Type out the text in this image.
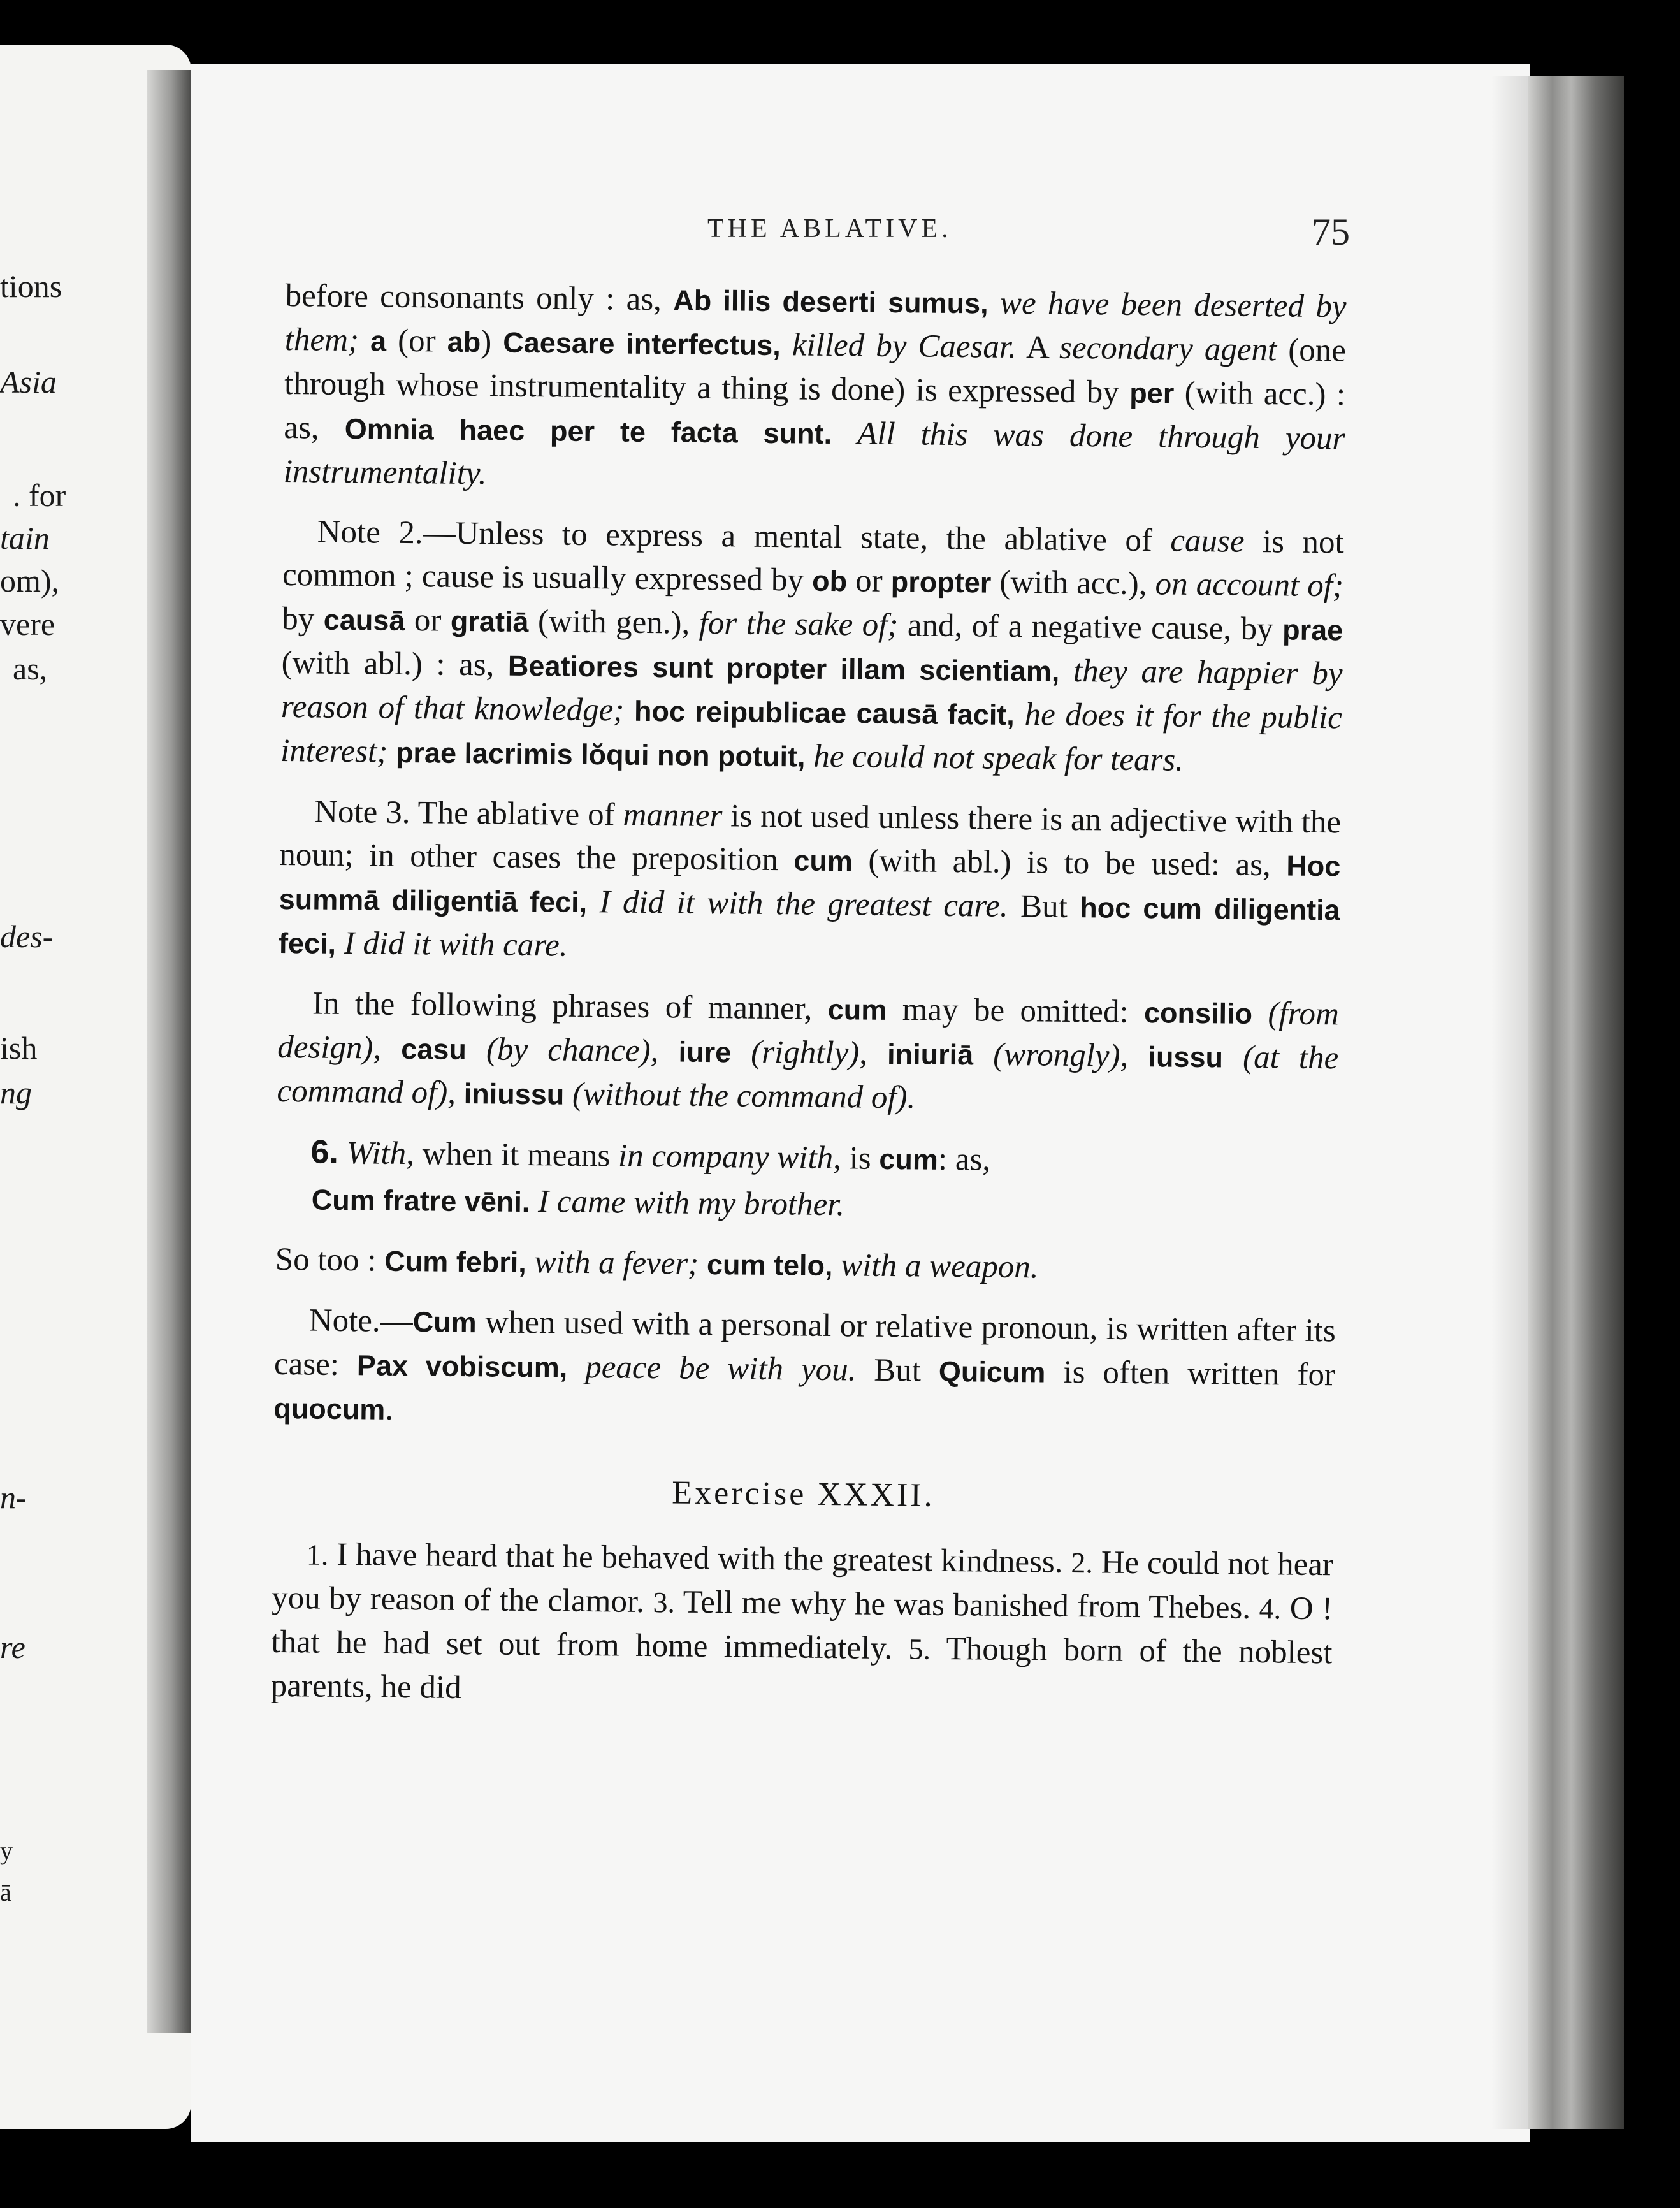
tions
Asia
. for
tain
om),
vere
as,
des-
ish
ng
n-
re
y
ā
THE ABLATIVE.	75

before consonants only : as, Ab illis deserti sumus, we have been deserted by them; a (or ab) Caesare interfectus, killed by Caesar. A secondary agent (one through whose instrumentality a thing is done) is expressed by per (with acc.) : as, Omnia haec per te facta sunt. All this was done through your instrumentality.

Note 2.—Unless to express a mental state, the ablative of cause is not common ; cause is usually expressed by ob or propter (with acc.), on account of; by causā or gratiā (with gen.), for the sake of; and, of a negative cause, by prae (with abl.) : as, Beatiores sunt propter illam scientiam, they are happier by reason of that knowledge; hoc reipublicae causā facit, he does it for the public interest; prae lacrimis lŏqui non potuit, he could not speak for tears.

Note 3. The ablative of manner is not used unless there is an adjective with the noun; in other cases the preposition cum (with abl.) is to be used: as, Hoc summā diligentiā feci, I did it with the greatest care. But hoc cum diligentia feci, I did it with care.

In the following phrases of manner, cum may be omitted: consilio (from design), casu (by chance), iure (rightly), iniuriā (wrongly), iussu (at the command of), iniussu (without the command of).

6. With, when it means in company with, is cum: as,

Cum fratre vēni. I came with my brother.

So too : Cum febri, with a fever; cum telo, with a weapon.

Note.—Cum when used with a personal or relative pronoun, is written after its case: Pax vobiscum, peace be with you. But Quicum is often written for quocum.

Exercise XXXII.

1. I have heard that he behaved with the greatest kindness. 2. He could not hear you by reason of the clamor. 3. Tell me why he was banished from Thebes. 4. O ! that he had set out from home immediately. 5. Though born of the noblest parents, he did
